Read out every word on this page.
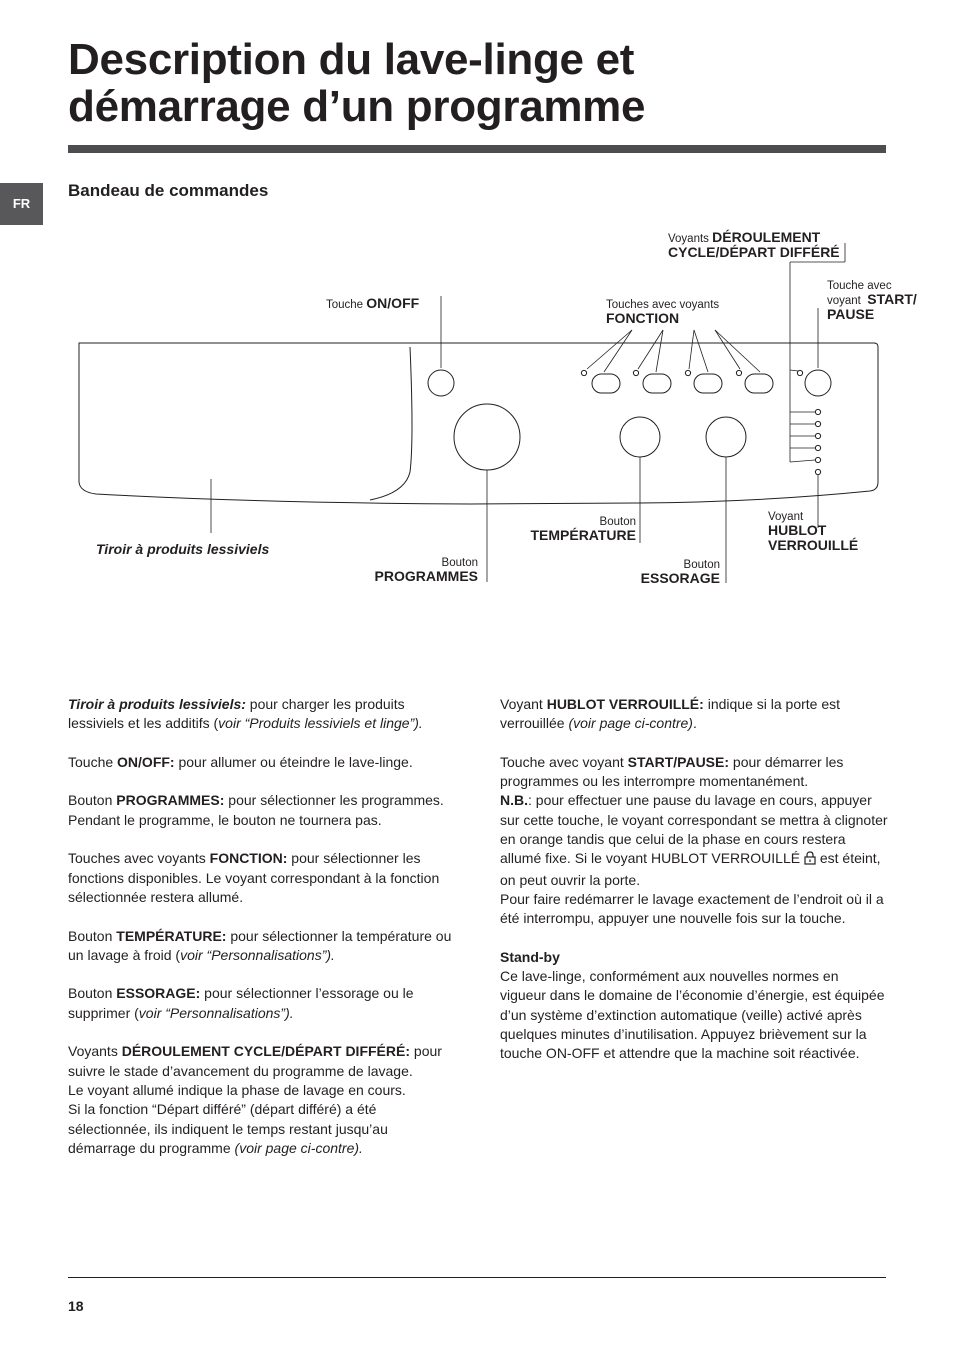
Description du lave-linge et
démarrage d’un programme
FR
Bandeau de commandes
Voyants DÉROULEMENT
CYCLE/DÉPART DIFFÉRÉ
Touche avec
voyant START/
PAUSE
Touche ON/OFF	Touches avec voyants
FONCTION
Bouton
TEMPÉRATURE
Voyant
HUBLOT
VERROUILLÉ
Tiroir à produits lessiviels
Bouton
PROGRAMMES
Bouton
ESSORAGE

Tiroir à produits lessiviels: pour charger les produits lessiviels et les additifs (voir “Produits lessiviels et linge”).

Touche ON/OFF: pour allumer ou éteindre le lave-linge.

Bouton PROGRAMMES: pour sélectionner les programmes. Pendant le programme, le bouton ne tournera pas.

Touches avec voyants FONCTION: pour sélectionner les fonctions disponibles. Le voyant correspondant à la fonction sélectionnée restera allumé.

Bouton TEMPÉRATURE: pour sélectionner la température ou un lavage à froid (voir “Personnalisations”).

Bouton ESSORAGE: pour sélectionner l’essorage ou le supprimer (voir “Personnalisations”).

Voyants DÉROULEMENT CYCLE/DÉPART DIFFÉRÉ: pour suivre le stade d’avancement du programme de lavage.

Le voyant allumé indique la phase de lavage en cours.

Si la fonction “Départ différé” (départ différé) a été sélectionnée, ils indiquent le temps restant jusqu’au démarrage du programme (voir page ci-contre).

Voyant HUBLOT VERROUILLÉ: indique si la porte est verrouillée (voir page ci-contre).

Touche avec voyant START/PAUSE: pour démarrer les programmes ou les interrompre momentanément.

N.B.: pour effectuer une pause du lavage en cours, appuyer sur cette touche, le voyant correspondant se mettra à clignoter en orange tandis que celui de la phase en cours restera allumé fixe. Si le voyant HUBLOT VERROUILLÉ  est éteint, on peut ouvrir la porte.

Pour faire redémarrer le lavage exactement de l’endroit où il a été interrompu, appuyer une nouvelle fois sur la touche.

Stand-by

Ce lave-linge, conformément aux nouvelles normes en vigueur dans le domaine de l’économie d’énergie, est équipée d’un système d’extinction automatique (veille) activé après quelques minutes d’inutilisation. Appuyez brièvement sur la touche ON-OFF et attendre que la machine soit réactivée.

18
